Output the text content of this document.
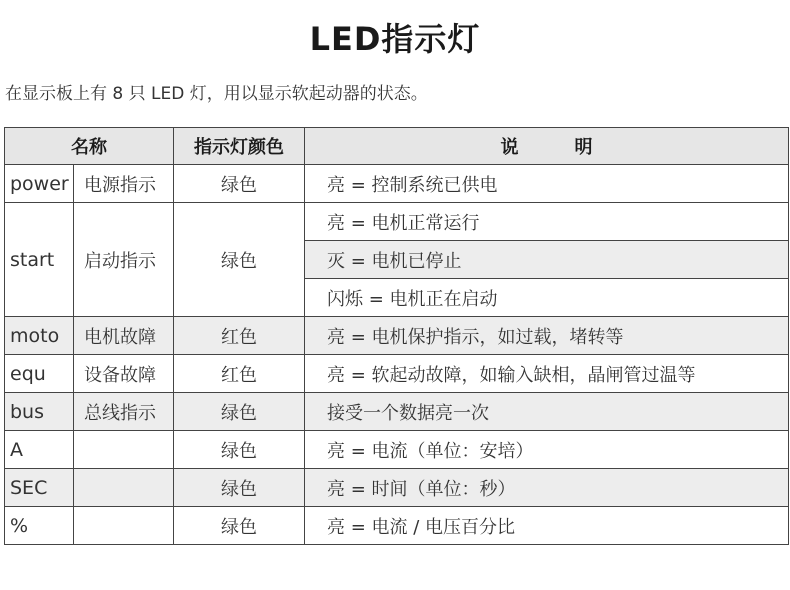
LED指示灯
在显示板上有 8 只 LED 灯，用以显示软起动器的状态。
名称		指示灯颜色	说 明
power	电源指示	绿色	亮 = 控制系统已供电
start	启动指示	绿色	亮 = 电机正常运行
			灭 = 电机已停止
			闪烁 = 电机正在启动
moto	电机故障	红色	亮 = 电机保护指示，如过载，堵转等
equ	设备故障	红色	亮 = 软起动故障，如输入缺相，晶闸管过温等
bus	总线指示	绿色	接受一个数据亮一次
A		绿色	亮 = 电流（单位：安培）
SEC		绿色	亮 = 时间（单位：秒）
%		绿色	亮 = 电流 / 电压百分比
